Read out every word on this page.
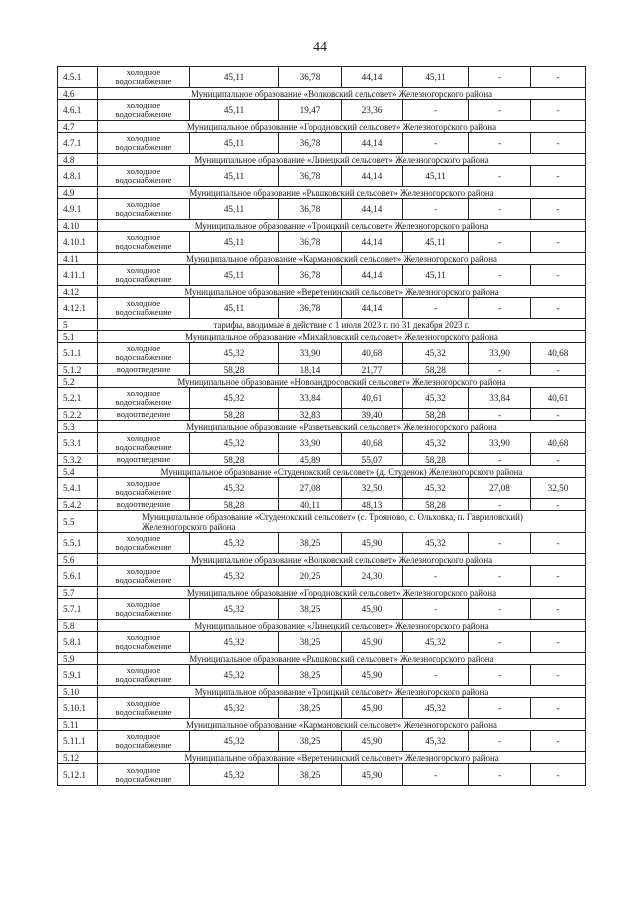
44
4.5.1	холодное водоснабжение	45,11	36,78	44,14	45,11	-	-
4.6	Муниципальное образование «Волковский сельсовет» Железногорского района						
4.6.1	холодное водоснабжение	45,11	19,47	23,36	-	-	-
4.7	Муниципальное образование «Городновский сельсовет» Железногорского района						
4.7.1	холодное водоснабжение	45,11	36,78	44,14	-	-	-
4.8	Муниципальное образование «Линецкий сельсовет» Железногорского района						
4.8.1	холодное водоснабжение	45,11	36,78	44,14	45,11	-	-
4.9	Муниципальное образование «Рышковский сельсовет» Железногорского района						
4.9.1	холодное водоснабжение	45,11	36,78	44,14	-	-	-
4.10	Муниципальное образование «Троицкий сельсовет» Железногорского района						
4.10.1	холодное водоснабжение	45,11	36,78	44,14	45,11	-	-
4.11	Муниципальное образование «Кармановский сельсовет» Железногорского района						
4.11.1	холодное водоснабжение	45,11	36,78	44,14	45,11	-	-
4.12	Муниципальное образование «Веретенинский сельсовет» Железногорского района						
4.12.1	холодное водоснабжение	45,11	36,78	44,14	-	-	-
5	тарифы, вводимые в действие с 1 июля 2023 г. по 31 декабря 2023 г.						
5.1	Муниципальное образование «Михайловский сельсовет» Железногорского района						
5.1.1	холодное водоснабжение	45,32	33,90	40,68	45,32	33,90	40,68
5.1.2	водоотведение	58,28	18,14	21,77	58,28	-	-
5.2	Муниципальное образование «Новоандросовский сельсовет» Железногорского района						
5.2.1	холодное водоснабжение	45,32	33,84	40,61	45,32	33,84	40,61
5.2.2	водоотведение	58,28	32,83	39,40	58,28	-	-
5.3	Муниципальное образование «Разветьевский сельсовет» Железногорского района						
5.3.1	холодное водоснабжение	45,32	33,90	40,68	45,32	33,90	40,68
5.3.2	водоотведение	58,28	45,89	55,07	58,28	-	-
5.4	Муниципальное образование «Студенокский сельсовет» (д. Студенок) Железногорского района						
5.4.1	холодное водоснабжение	45,32	27,08	32,50	45,32	27,08	32,50
5.4.2	водоотведение	58,28	40,11	48,13	58,28	-	-
5.5	Муниципальное образование «Студенокский сельсовет» (с. Трояново, с. Ольховка, п. Гавриловский) Железногорского района						
5.5.1	холодное водоснабжение	45,32	38,25	45,90	45,32	-	-
5.6	Муниципальное образование «Волковский сельсовет» Железногорского района						
5.6.1	холодное водоснабжение	45,32	20,25	24,30	-	-	-
5.7	Муниципальное образование «Городновский сельсовет» Железногорского района						
5.7.1	холодное водоснабжение	45,32	38,25	45,90	-	-	-
5.8	Муниципальное образование «Линецкий сельсовет» Железногорского района						
5.8.1	холодное водоснабжение	45,32	38,25	45,90	45,32	-	-
5.9	Муниципальное образование «Рышковский сельсовет» Железногорского района						
5.9.1	холодное водоснабжение	45,32	38,25	45,90	-	-	-
5.10	Муниципальное образование «Троицкий сельсовет» Железногорского района						
5.10.1	холодное водоснабжение	45,32	38,25	45,90	45,32	-	-
5.11	Муниципальное образование «Кармановский сельсовет» Железногорского района						
5.11.1	холодное водоснабжение	45,32	38,25	45,90	45,32	-	-
5.12	Муниципальное образование «Веретенинский сельсовет» Железногорского района						
5.12.1	холодное водоснабжение	45,32	38,25	45,90	-	-	-
